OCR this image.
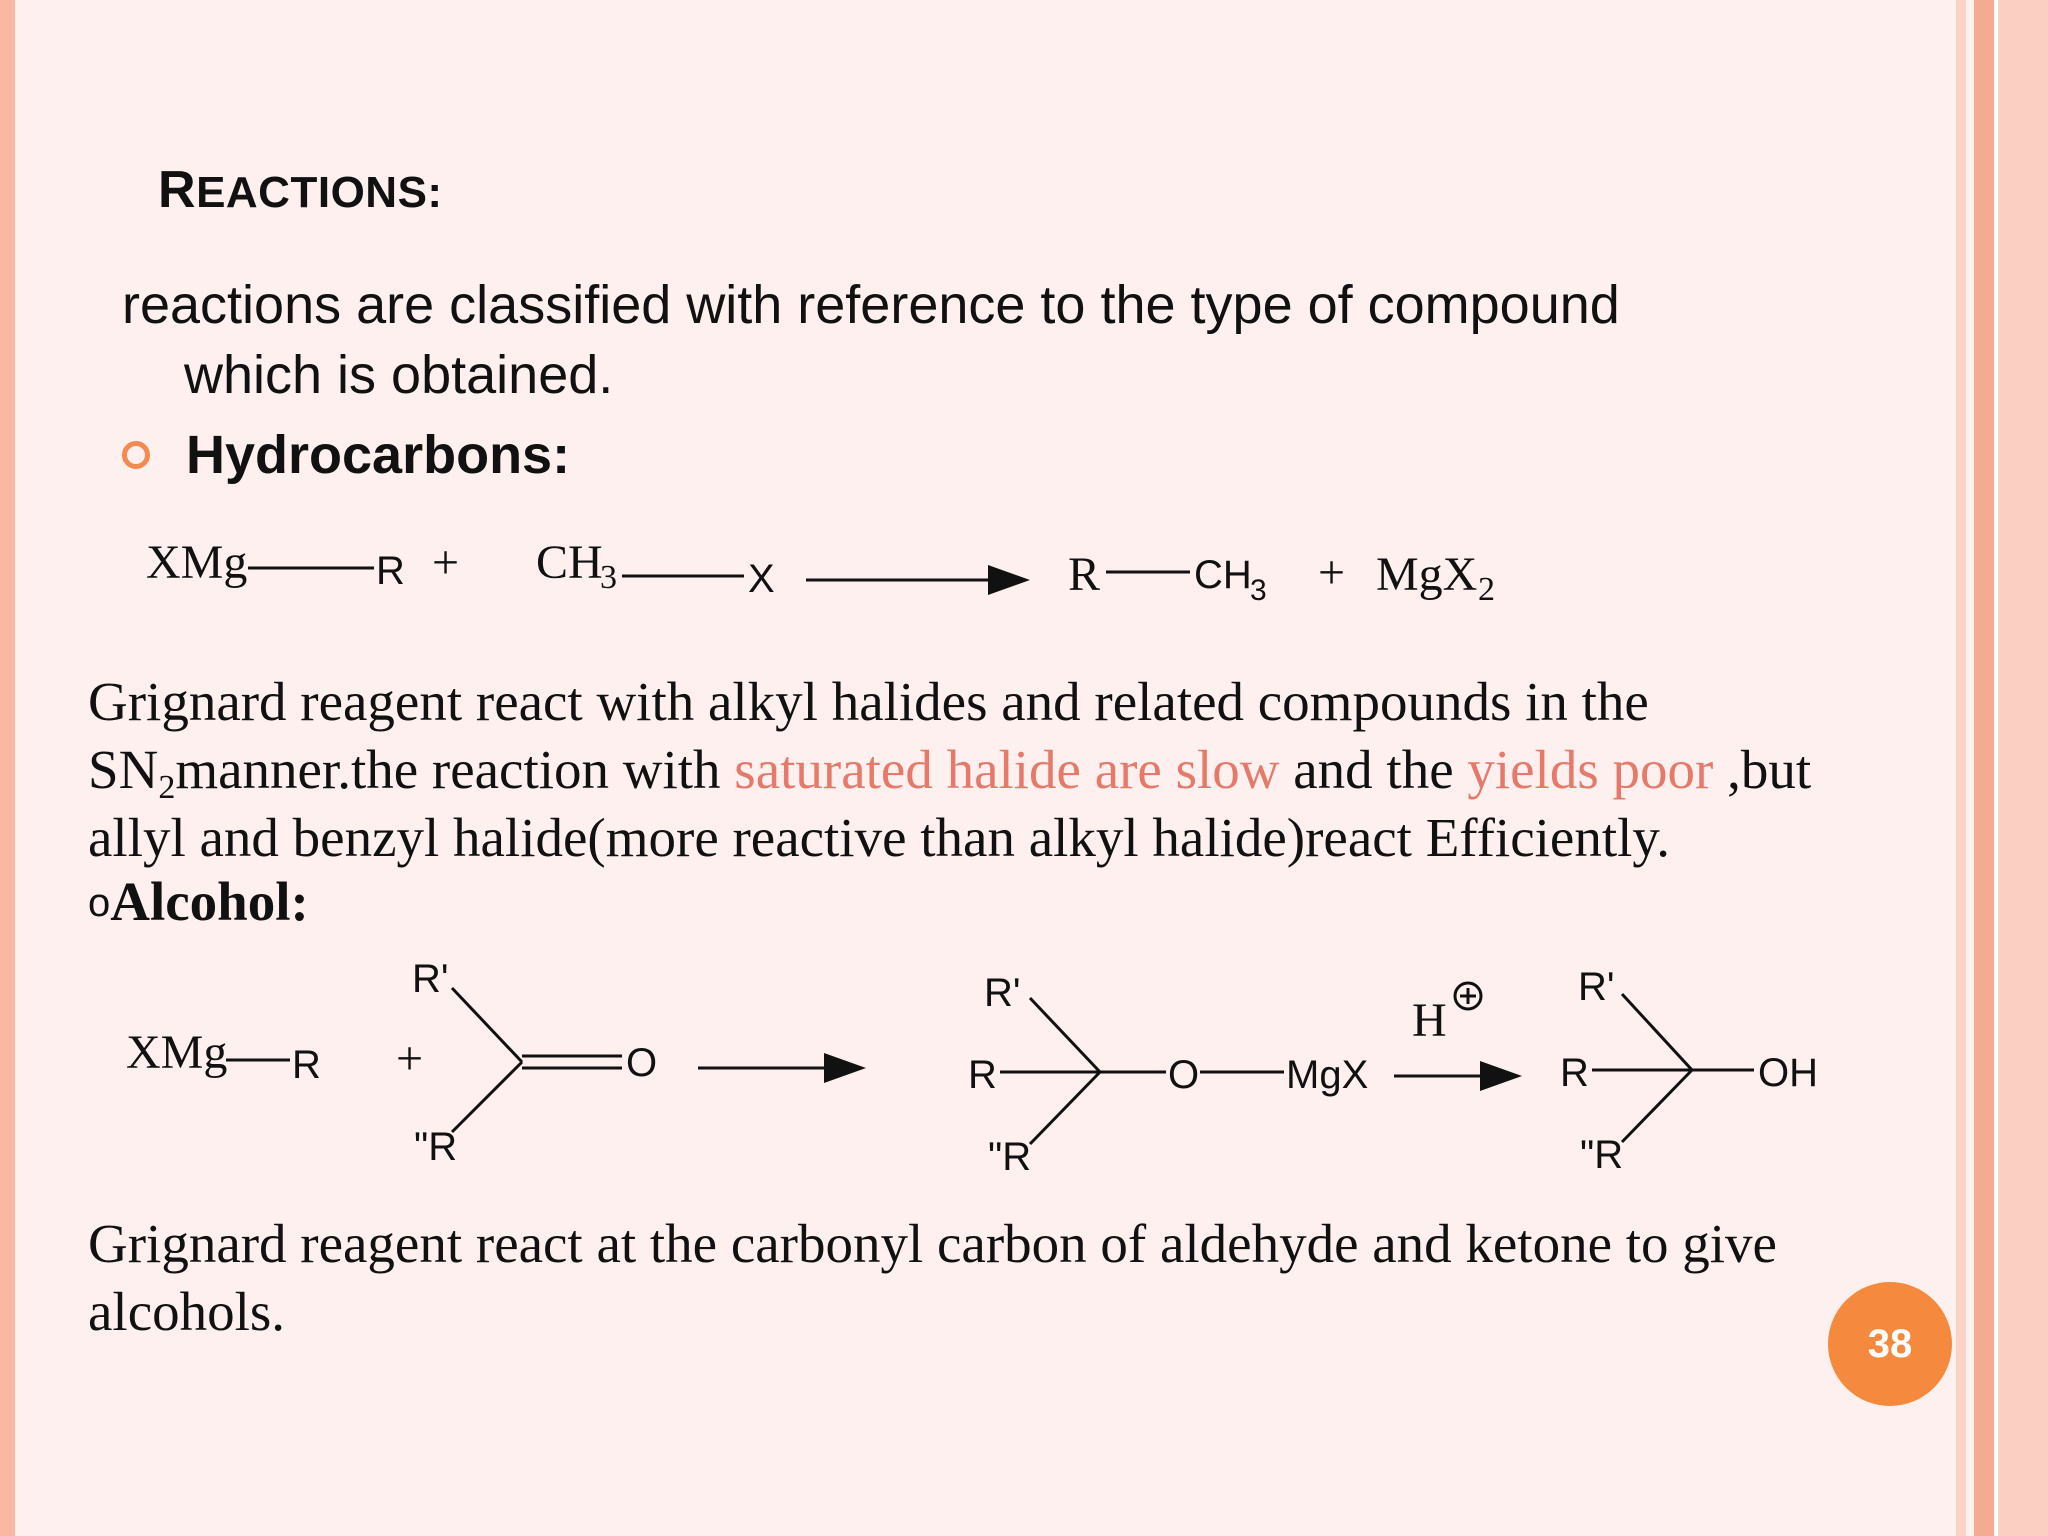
REACTIONS:
reactions are classified with reference to the type of compound
which is obtained.
Hydrocarbons:
XMg	R + CH
3	X	R CH
3 + MgX 2
XMg R +
R'
"R
O
R'
R
"R
O MgX
H
R'
R
"R
OH
Grignard reagent react with alkyl halides and related compounds in the
$SN_2manner.the$ reaction with saturated halide are slow and the yields poor ,but
allyl and benzyl halide(more reactive than alkyl halide)react Efficiently.
oAlcohol:
Grignard reagent react at the carbonyl carbon of aldehyde and ketone to give
alcohols.
38
